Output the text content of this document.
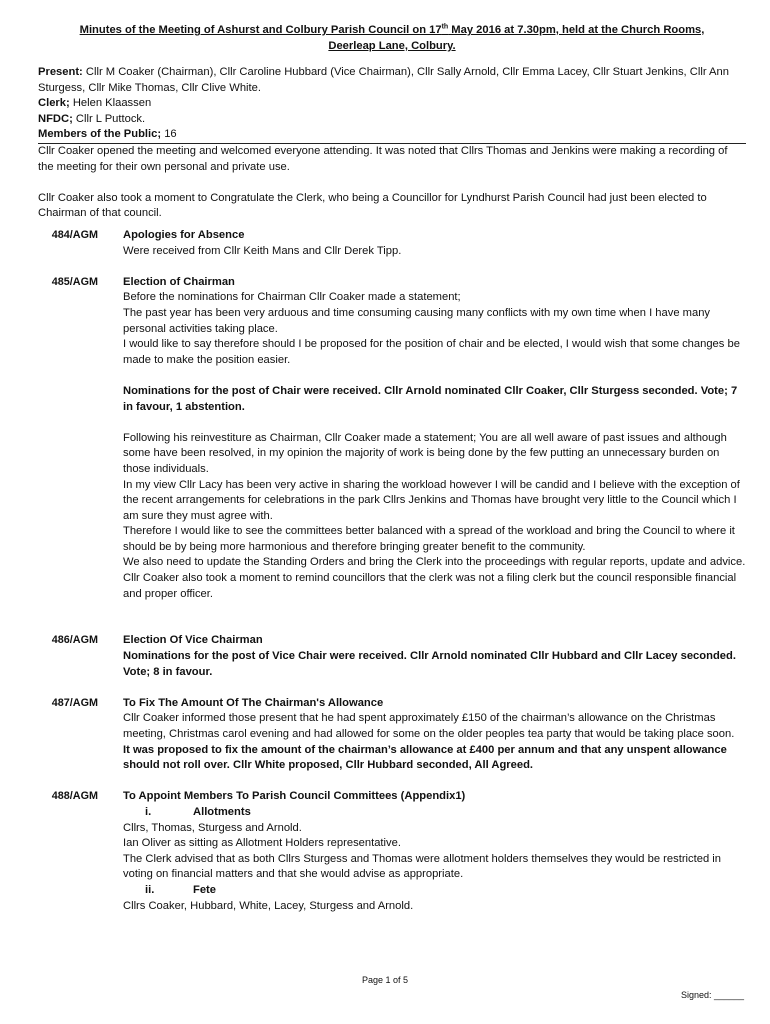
Minutes of the Meeting of Ashurst and Colbury Parish Council on 17th May 2016 at 7.30pm, held at the Church Rooms,
Deerleap Lane, Colbury.

Present: Cllr M Coaker (Chairman), Cllr Caroline Hubbard (Vice Chairman), Cllr Sally Arnold, Cllr Emma Lacey, Cllr Stuart Jenkins, Cllr Ann Sturgess, Cllr Mike Thomas, Cllr Clive White.

Clerk; Helen Klaassen

NFDC; Cllr L Puttock.

Members of the Public; 16

Cllr Coaker opened the meeting and welcomed everyone attending. It was noted that Cllrs Thomas and Jenkins were making a recording of the meeting for their own personal and private use.

Cllr Coaker also took a moment to Congratulate the Clerk, who being a Councillor for Lyndhurst Parish Council had just been elected to Chairman of that council.

484/AGM Apologies for Absence

Were received from Cllr Keith Mans and Cllr Derek Tipp.

485/AGM Election of Chairman

Before the nominations for Chairman Cllr Coaker made a statement;

The past year has been very arduous and time consuming causing many conflicts with my own time when I have many personal activities taking place.

I would like to say therefore should I be proposed for the position of chair and be elected, I would wish that some changes be made to make the position easier.

Nominations for the post of Chair were received. Cllr Arnold nominated Cllr Coaker, Cllr Sturgess seconded. Vote; 7 in favour, 1 abstention.

Following his reinvestiture as Chairman, Cllr Coaker made a statement; You are all well aware of past issues and although some have been resolved, in my opinion the majority of work is being done by the few putting an unnecessary burden on those individuals.

In my view Cllr Lacy has been very active in sharing the workload however I will be candid and I believe with the exception of the recent arrangements for celebrations in the park Cllrs Jenkins and Thomas have brought very little to the Council which I am sure they must agree with.

Therefore I would like to see the committees better balanced with a spread of the workload and bring the Council to where it should be by being more harmonious and therefore bringing greater benefit to the community.

We also need to update the Standing Orders and bring the Clerk into the proceedings with regular reports, update and advice.

Cllr Coaker also took a moment to remind councillors that the clerk was not a filing clerk but the council responsible financial and proper officer.

486/AGM Election Of Vice Chairman

Nominations for the post of Vice Chair were received. Cllr Arnold nominated Cllr Hubbard and Cllr Lacey seconded. Vote; 8 in favour.

487/AGM To Fix The Amount Of The Chairman's Allowance

Cllr Coaker informed those present that he had spent approximately £150 of the chairman’s allowance on the Christmas meeting, Christmas carol evening and had allowed for some on the older peoples tea party that would be taking place soon.

It was proposed to fix the amount of the chairman’s allowance at £400 per annum and that any unspent allowance should not roll over. Cllr White proposed, Cllr Hubbard seconded, All Agreed.

488/AGM To Appoint Members To Parish Council Committees (Appendix1)

i.	Allotments

Cllrs, Thomas, Sturgess and Arnold.

Ian Oliver as sitting as Allotment Holders representative.

The Clerk advised that as both Cllrs Sturgess and Thomas were allotment holders themselves they would be restricted in voting on financial matters and that she would advise as appropriate.

ii.	Fete

Cllrs Coaker, Hubbard, White, Lacey, Sturgess and Arnold.

Page 1 of 5
Signed: ______
